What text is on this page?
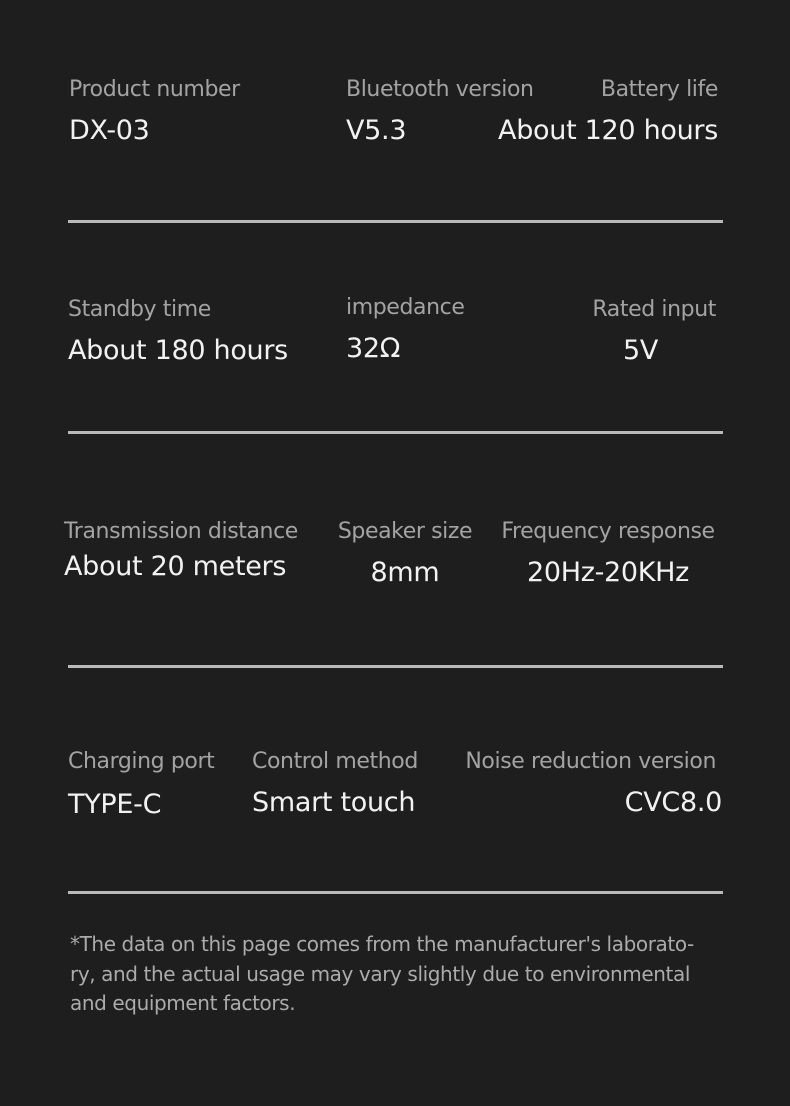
Product number
DX-03
Bluetooth version
V5.3
Battery life
About 120 hours
Standby time
About 180 hours
impedance
32Ω
Rated input
5V
Transmission distance
About 20 meters
Speaker size
8mm
Frequency response
20Hz-20KHz
Charging port
TYPE-C
Control method
Smart touch
Noise reduction version
CVC8.0
*The data on this page comes from the manufacturer's laborato-
ry, and the actual usage may vary slightly due to environmental
and equipment factors.
